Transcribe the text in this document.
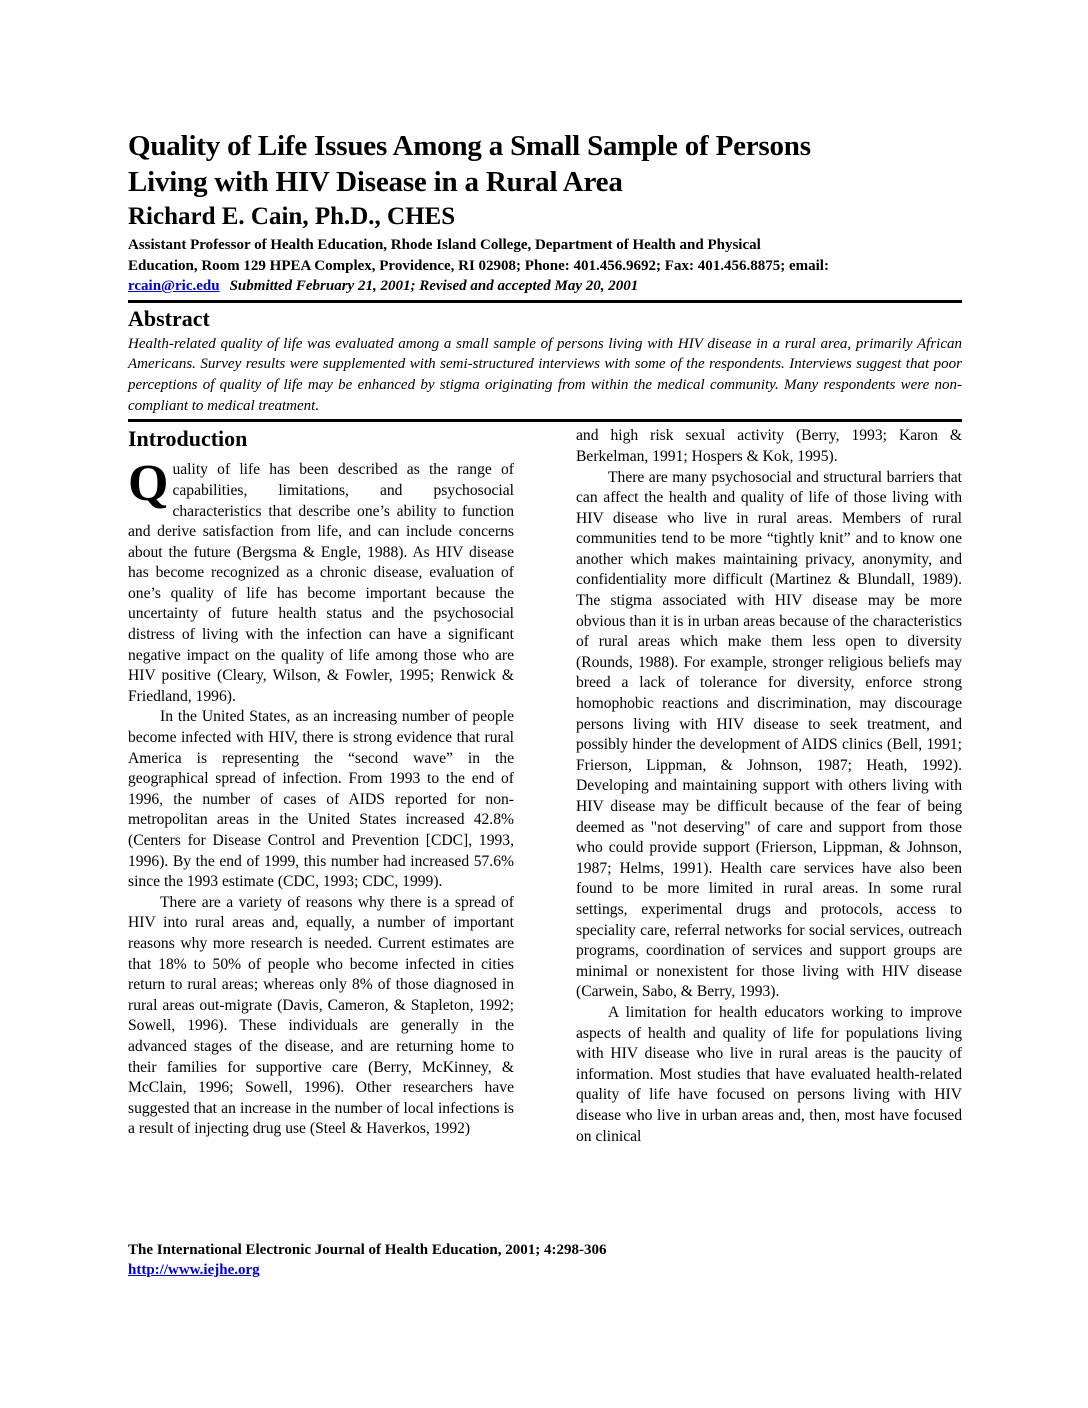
Quality of Life Issues Among a Small Sample of Persons
Living with HIV Disease in a Rural Area
Richard E. Cain, Ph.D., CHES
Assistant Professor of Health Education, Rhode Island College, Department of Health and Physical
Education, Room 129 HPEA Complex, Providence, RI 02908; Phone: 401.456.9692; Fax: 401.456.8875; email:
rcain@ric.edu Submitted February 21, 2001; Revised and accepted May 20, 2001
Abstract
Health-related quality of life was evaluated among a small sample of persons living with HIV disease in a rural area, primarily African Americans. Survey results were supplemented with semi-structured interviews with some of the respondents. Interviews suggest that poor perceptions of quality of life may be enhanced by stigma originating from within the medical community. Many respondents were non-compliant to medical treatment.
Introduction

Quality of life has been described as the range of capabilities, limitations, and psychosocial characteristics that describe one’s ability to function and derive satisfaction from life, and can include concerns about the future (Bergsma & Engle, 1988). As HIV disease has become recognized as a chronic disease, evaluation of one’s quality of life has become important because the uncertainty of future health status and the psychosocial distress of living with the infection can have a significant negative impact on the quality of life among those who are HIV positive (Cleary, Wilson, & Fowler, 1995; Renwick & Friedland, 1996).

In the United States, as an increasing number of people become infected with HIV, there is strong evidence that rural America is representing the “second wave” in the geographical spread of infection. From 1993 to the end of 1996, the number of cases of AIDS reported for non-metropolitan areas in the United States increased 42.8% (Centers for Disease Control and Prevention [CDC], 1993, 1996). By the end of 1999, this number had increased 57.6% since the 1993 estimate (CDC, 1993; CDC, 1999).

There are a variety of reasons why there is a spread of HIV into rural areas and, equally, a number of important reasons why more research is needed. Current estimates are that 18% to 50% of people who become infected in cities return to rural areas; whereas only 8% of those diagnosed in rural areas out-migrate (Davis, Cameron, & Stapleton, 1992; Sowell, 1996). These individuals are generally in the advanced stages of the disease, and are returning home to their families for supportive care (Berry, McKinney, & McClain, 1996; Sowell, 1996). Other researchers have suggested that an increase in the number of local infections is a result of injecting drug use (Steel & Haverkos, 1992)

and high risk sexual activity (Berry, 1993; Karon & Berkelman, 1991; Hospers & Kok, 1995).

There are many psychosocial and structural barriers that can affect the health and quality of life of those living with HIV disease who live in rural areas. Members of rural communities tend to be more “tightly knit” and to know one another which makes maintaining privacy, anonymity, and confidentiality more difficult (Martinez & Blundall, 1989). The stigma associated with HIV disease may be more obvious than it is in urban areas because of the characteristics of rural areas which make them less open to diversity (Rounds, 1988). For example, stronger religious beliefs may breed a lack of tolerance for diversity, enforce strong homophobic reactions and discrimination, may discourage persons living with HIV disease to seek treatment, and possibly hinder the development of AIDS clinics (Bell, 1991; Frierson, Lippman, & Johnson, 1987; Heath, 1992). Developing and maintaining support with others living with HIV disease may be difficult because of the fear of being deemed as "not deserving" of care and support from those who could provide support (Frierson, Lippman, & Johnson, 1987; Helms, 1991). Health care services have also been found to be more limited in rural areas. In some rural settings, experimental drugs and protocols, access to speciality care, referral networks for social services, outreach programs, coordination of services and support groups are minimal or nonexistent for those living with HIV disease (Carwein, Sabo, & Berry, 1993).

A limitation for health educators working to improve aspects of health and quality of life for populations living with HIV disease who live in rural areas is the paucity of information. Most studies that have evaluated health-related quality of life have focused on persons living with HIV disease who live in urban areas and, then, most have focused on clinical

The International Electronic Journal of Health Education, 2001; 4:298-306
http://www.iejhe.org
